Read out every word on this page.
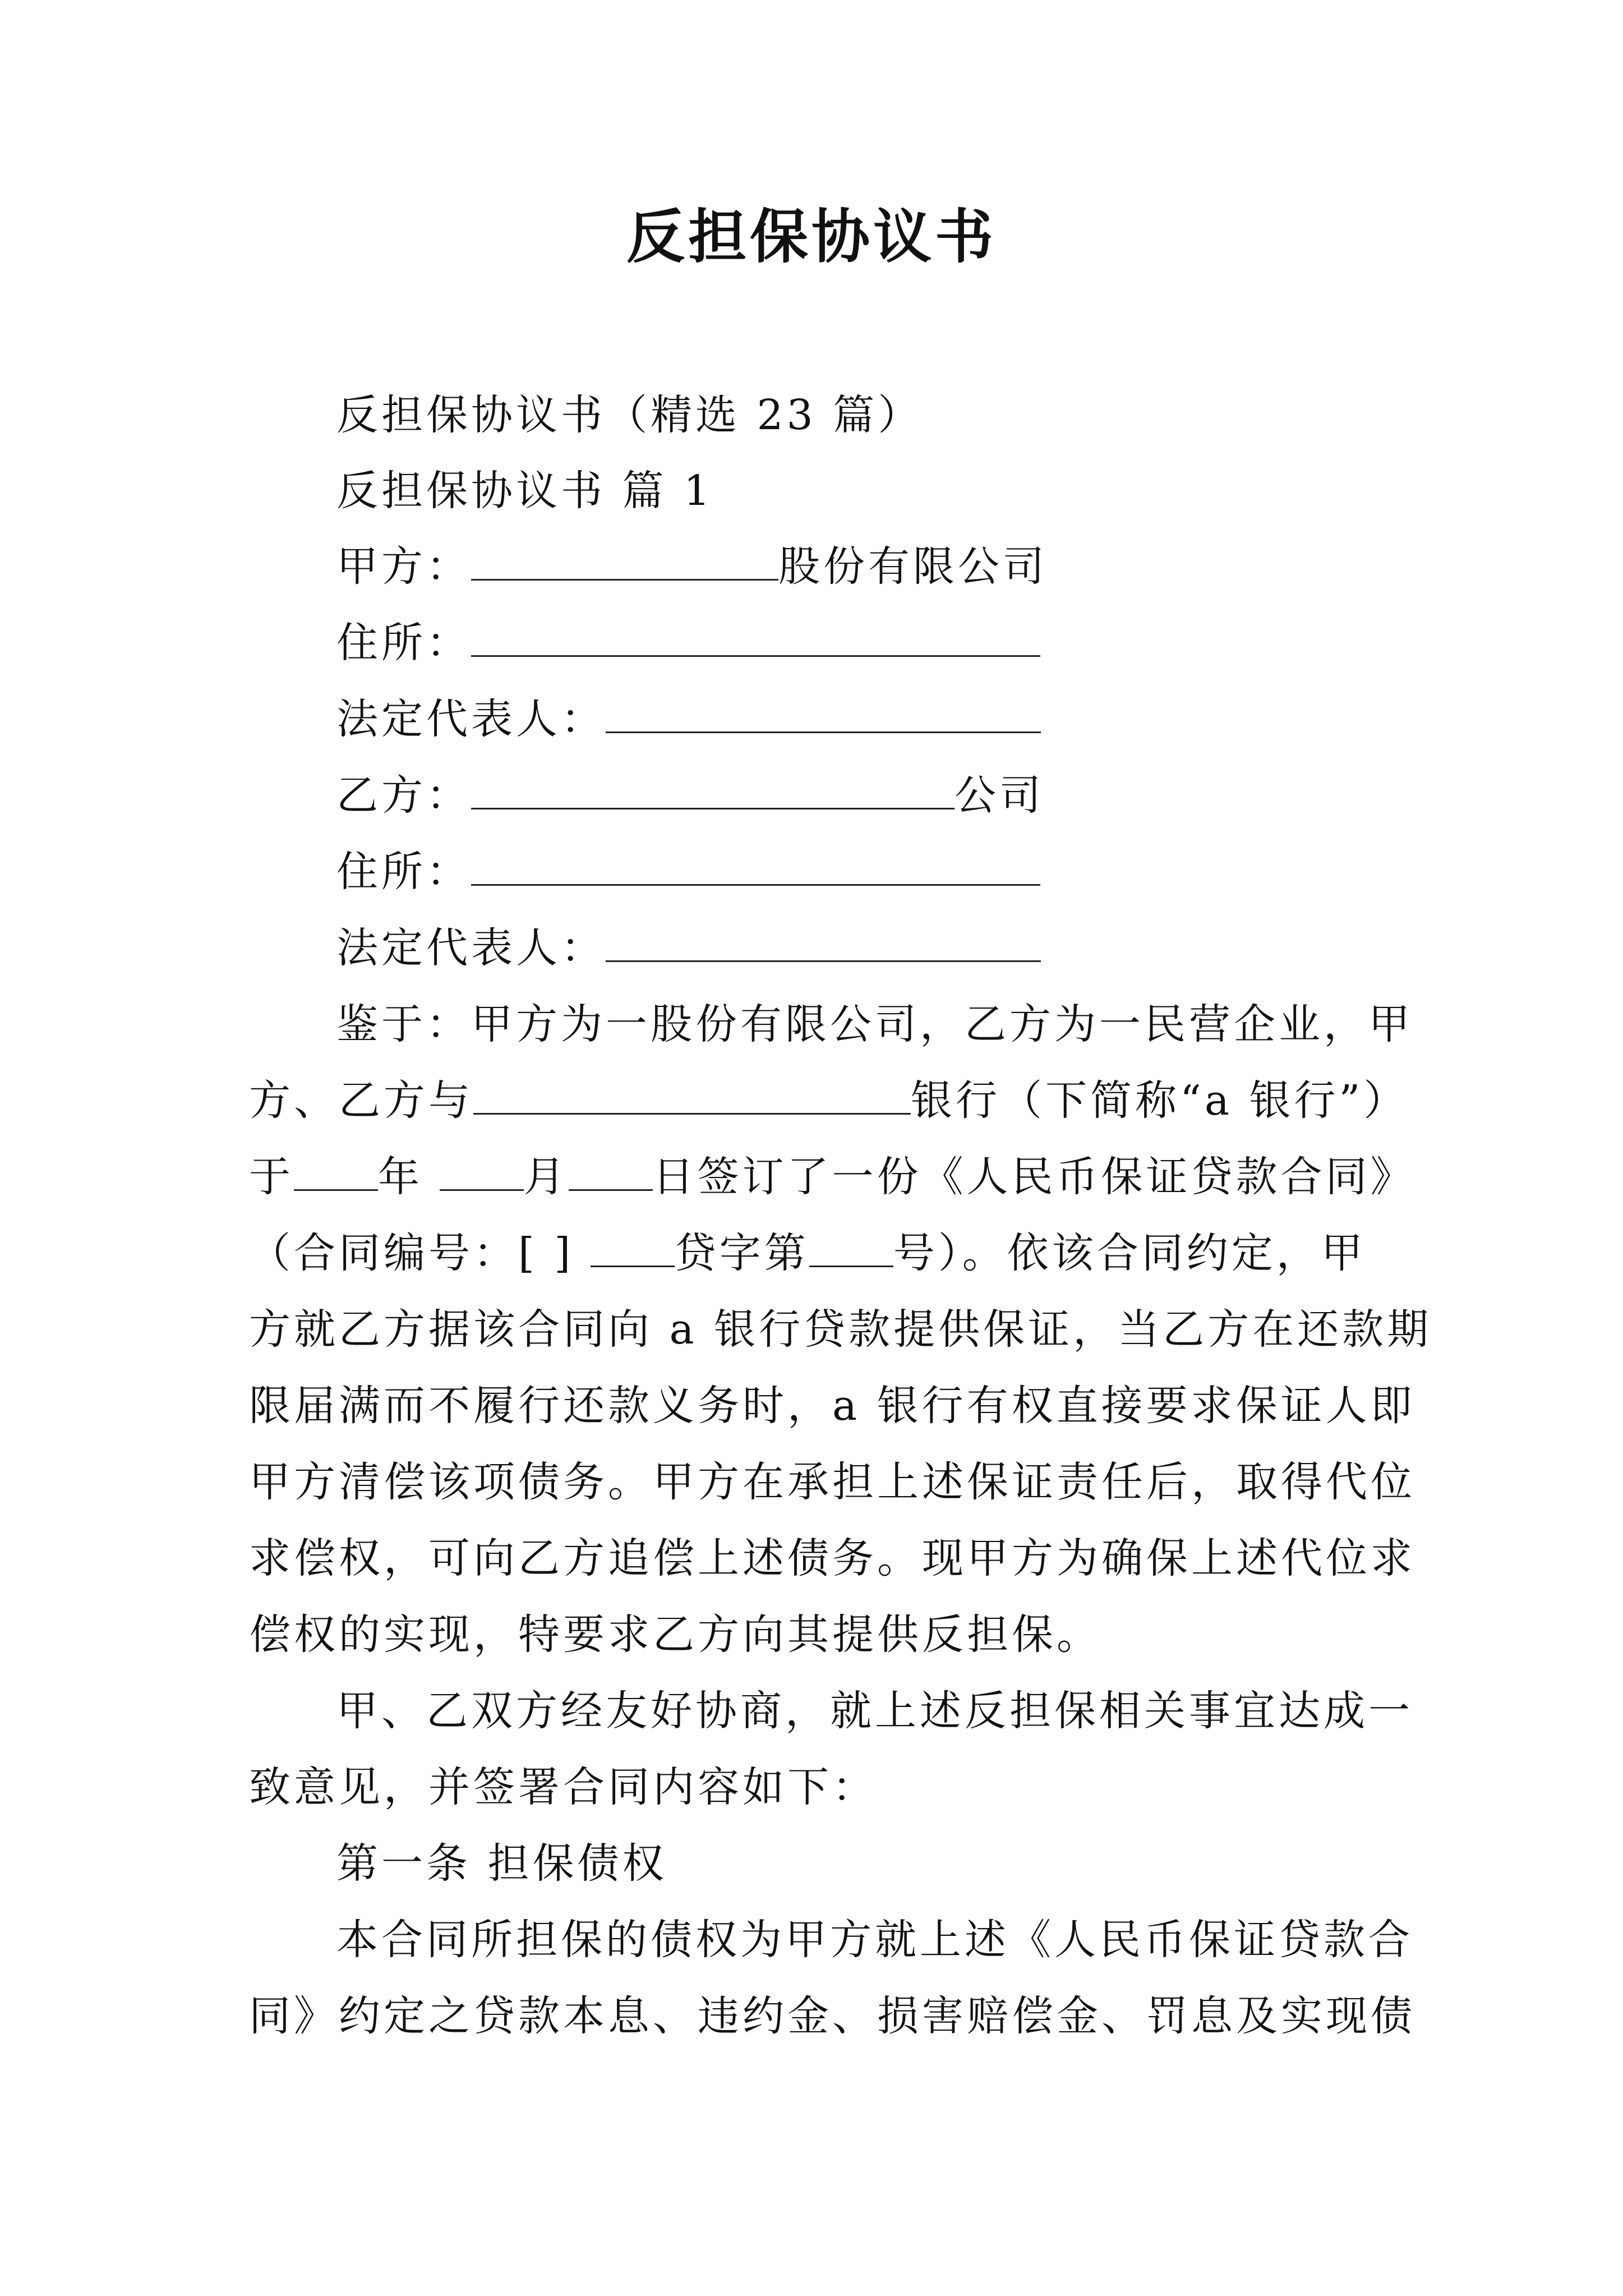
反担保协议书
反担保协议书（精选 23 篇）
反担保协议书 篇 1
甲方：	股份有限公司
住所：
法定代表人：
乙方：	公司
住所：
法定代表人：
鉴于：甲方为一股份有限公司，乙方为一民营企业，甲
方、乙方与	银行（下简称“a 银行”）
于 年 月 日签订了一份《人民币保证贷款合同》
（合同编号：[ ] 贷字第 号）。依该合同约定，甲
方就乙方据该合同向 a 银行贷款提供保证，当乙方在还款期
限届满而不履行还款义务时，a 银行有权直接要求保证人即
甲方清偿该项债务。甲方在承担上述保证责任后，取得代位
求偿权，可向乙方追偿上述债务。现甲方为确保上述代位求
偿权的实现，特要求乙方向其提供反担保。
甲、乙双方经友好协商，就上述反担保相关事宜达成一
致意见，并签署合同内容如下：
第一条 担保债权
本合同所担保的债权为甲方就上述《人民币保证贷款合
同》约定之贷款本息、违约金、损害赔偿金、罚息及实现债
